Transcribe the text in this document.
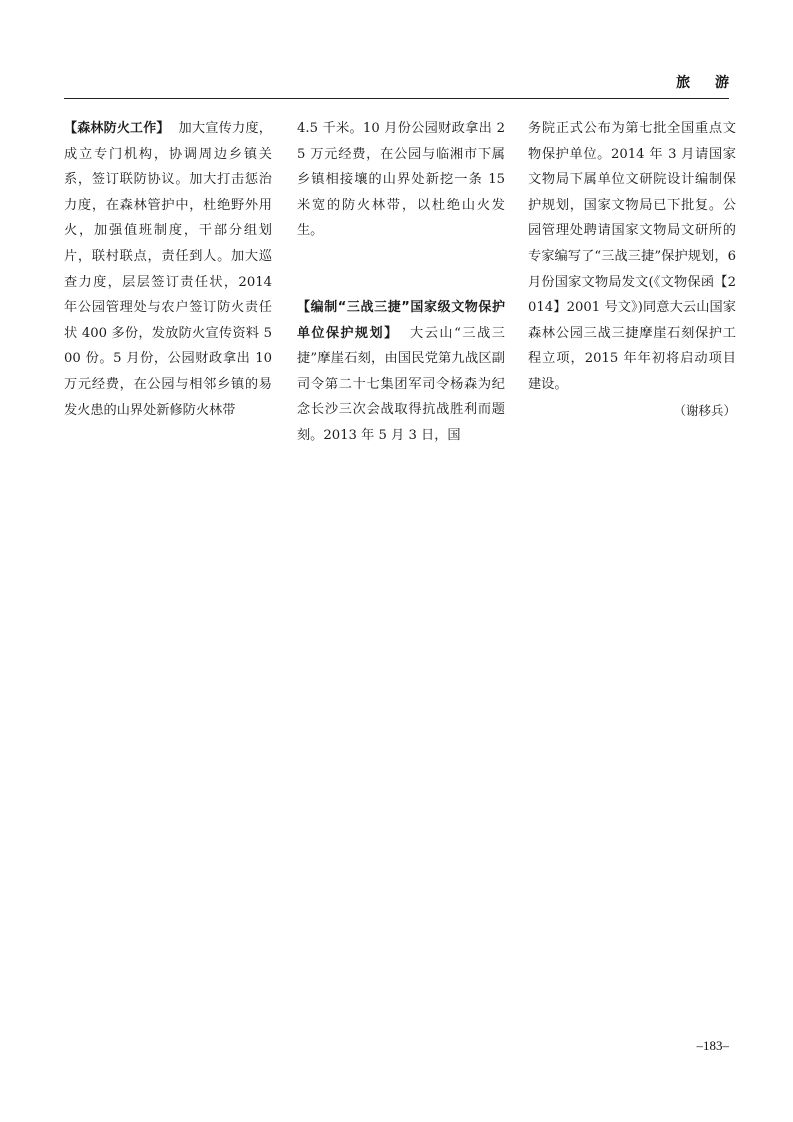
旅 游

【森林防火工作】 加大宣传力度，成立专门机构，协调周边乡镇关系，签订联防协议。加大打击惩治力度，在森林管护中，杜绝野外用火，加强值班制度，干部分组划片，联村联点，责任到人。加大巡查力度，层层签订责任状，2014 年公园管理处与农户签订防火责任状 400 多份，发放防火宣传资料 500 份。5 月份，公园财政拿出 10 万元经费，在公园与相邻乡镇的易发火患的山界处新修防火林带

4.5 千米。10 月份公园财政拿出 25 万元经费，在公园与临湘市下属乡镇相接壤的山界处新挖一条 15 米宽的防火林带，以杜绝山火发生。

【编制“三战三捷”国家级文物保护单位保护规划】 大云山“三战三捷”摩崖石刻，由国民党第九战区副司令第二十七集团军司令杨森为纪念长沙三次会战取得抗战胜利而题刻。2013 年 5 月 3 日，国

务院正式公布为第七批全国重点文物保护单位。2014 年 3 月请国家文物局下属单位文研院设计编制保护规划，国家文物局已下批复。公园管理处聘请国家文物局文研所的专家编写了“三战三捷”保护规划，6 月份国家文物局发文(《文物保函【2014】2001 号文》)同意大云山国家森林公园三战三捷摩崖石刻保护工程立项，2015 年年初将启动项目建设。

（谢移兵）

–183–
